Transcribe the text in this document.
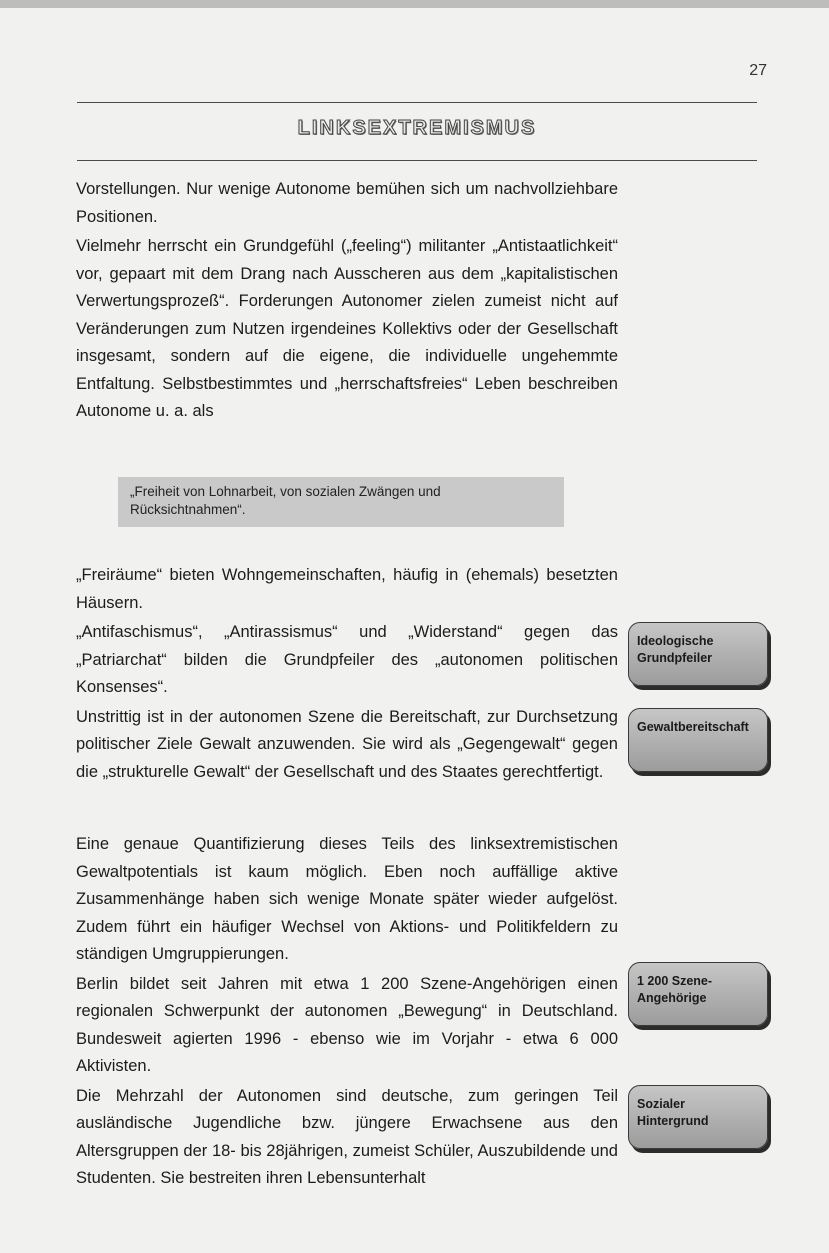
27
LINKSEXTREMISMUS

Vorstellungen. Nur wenige Autonome bemühen sich um nachvollziehbare Positionen.

Vielmehr herrscht ein Grundgefühl („feeling“) militanter „Antistaatlichkeit“ vor, gepaart mit dem Drang nach Ausscheren aus dem „kapitalistischen Verwertungsprozeß“. Forderungen Autonomer zielen zumeist nicht auf Veränderungen zum Nutzen irgendeines Kollektivs oder der Gesellschaft insgesamt, sondern auf die eigene, die individuelle ungehemmte Entfaltung. Selbstbestimmtes und „herrschaftsfreies“ Leben beschreiben Autonome u. a. als

„Freiheit von Lohnarbeit, von sozialen Zwängen und Rücksichtnahmen“.

„Freiräume“ bieten Wohngemeinschaften, häufig in (ehemals) besetzten Häusern.

„Antifaschismus“, „Antirassismus“ und „Widerstand“ gegen das „Patriarchat“ bilden die Grundpfeiler des „autonomen politischen Konsenses“.

Unstrittig ist in der autonomen Szene die Bereitschaft, zur Durchsetzung politischer Ziele Gewalt anzuwenden. Sie wird als „Gegengewalt“ gegen die „strukturelle Gewalt“ der Gesellschaft und des Staates gerechtfertigt.

Eine genaue Quantifizierung dieses Teils des linksextremistischen Gewaltpotentials ist kaum möglich. Eben noch auffällige aktive Zusammenhänge haben sich wenige Monate später wieder aufgelöst. Zudem führt ein häufiger Wechsel von Aktions- und Politikfeldern zu ständigen Umgruppierungen.

Berlin bildet seit Jahren mit etwa 1 200 Szene-Angehörigen einen regionalen Schwerpunkt der autonomen „Bewegung“ in Deutschland. Bundesweit agierten 1996 - ebenso wie im Vorjahr - etwa 6 000 Aktivisten.

Die Mehrzahl der Autonomen sind deutsche, zum geringen Teil ausländische Jugendliche bzw. jüngere Erwachsene aus den Altersgruppen der 18- bis 28jährigen, zumeist Schüler, Auszubildende und Studenten. Sie bestreiten ihren Lebensunterhalt

Ideologische Grundpfeiler
Gewaltbereitschaft
1 200 Szene-Angehörige
Sozialer Hintergrund
